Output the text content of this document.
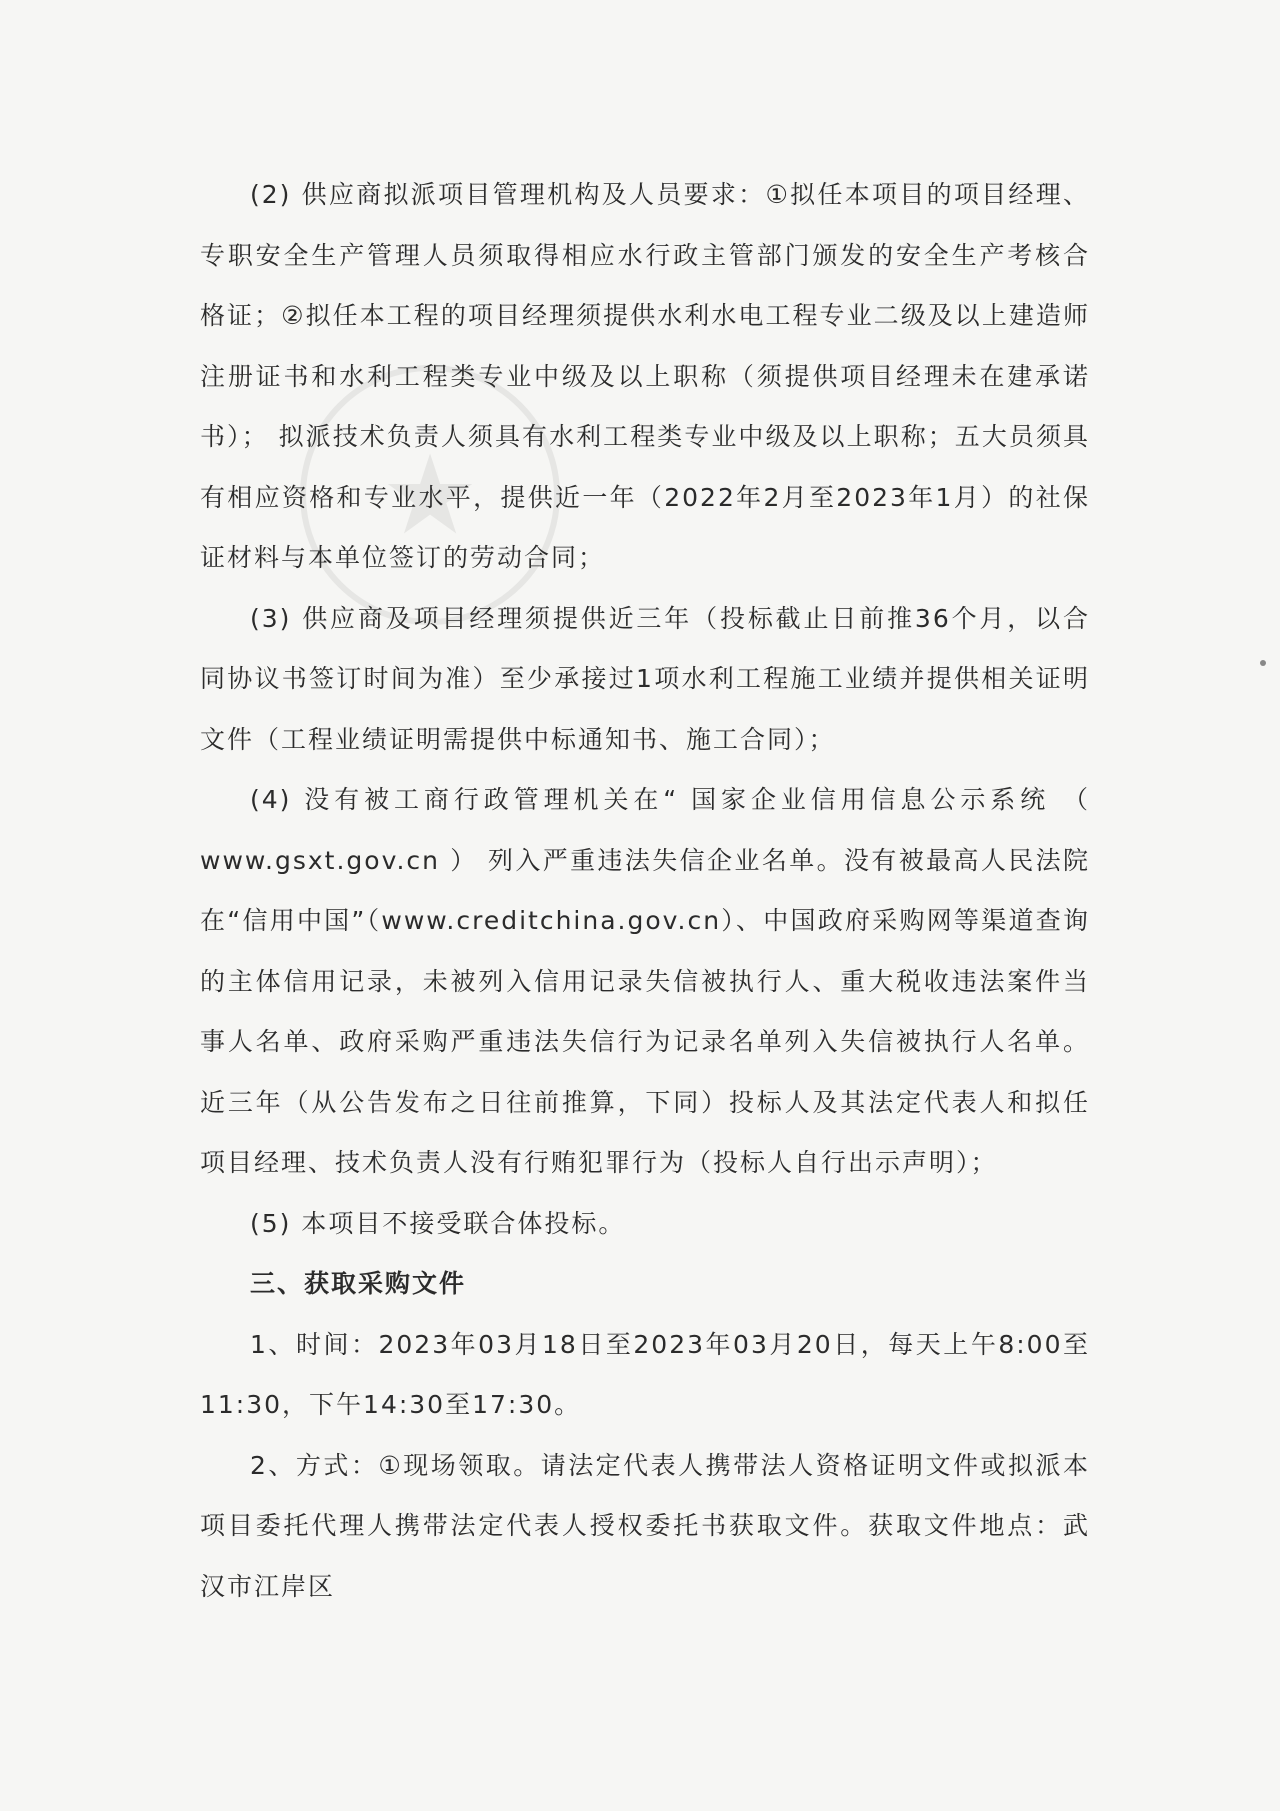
★

(2) 供应商拟派项目管理机构及人员要求：①拟任本项目的项目经理、专职安全生产管理人员须取得相应水行政主管部门颁发的安全生产考核合格证；②拟任本工程的项目经理须提供水利水电工程专业二级及以上建造师注册证书和水利工程类专业中级及以上职称（须提供项目经理未在建承诺书）； 拟派技术负责人须具有水利工程类专业中级及以上职称；五大员须具有相应资格和专业水平，提供近一年（2022年2月至2023年1月）的社保证材料与本单位签订的劳动合同；

(3) 供应商及项目经理须提供近三年（投标截止日前推36个月，以合同协议书签订时间为准）至少承接过1项水利工程施工业绩并提供相关证明文件（工程业绩证明需提供中标通知书、施工合同）；

(4) 没有被工商行政管理机关在“ 国家企业信用信息公示系统 （ www.gsxt.gov.cn ） 列入严重违法失信企业名单。没有被最高人民法院在“信用中国”（www.creditchina.gov.cn）、中国政府采购网等渠道查询的主体信用记录，未被列入信用记录失信被执行人、重大税收违法案件当事人名单、政府采购严重违法失信行为记录名单列入失信被执行人名单。近三年（从公告发布之日往前推算，下同）投标人及其法定代表人和拟任项目经理、技术负责人没有行贿犯罪行为（投标人自行出示声明）；

(5) 本项目不接受联合体投标。

三、获取采购文件

1、时间：2023年03月18日至2023年03月20日，每天上午8:00至11:30，下午14:30至17:30。

2、方式：①现场领取。请法定代表人携带法人资格证明文件或拟派本项目委托代理人携带法定代表人授权委托书获取文件。获取文件地点：武汉市江岸区
